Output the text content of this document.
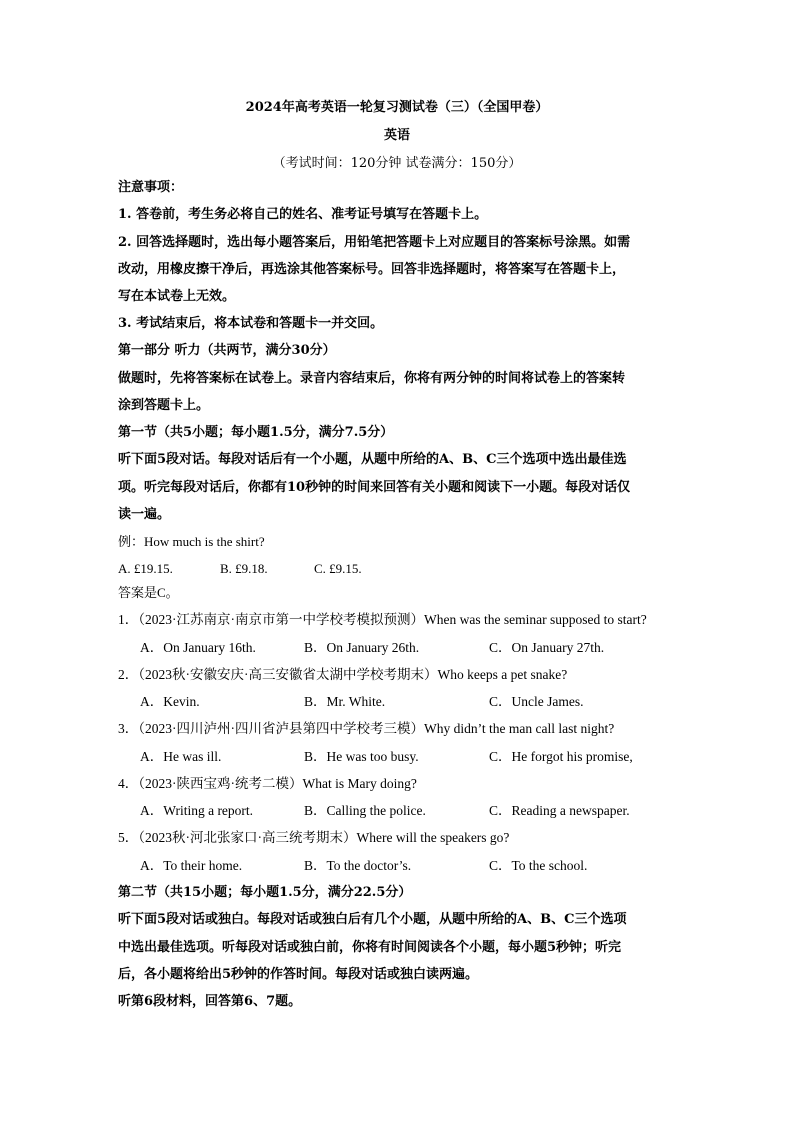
2024年高考英语一轮复习测试卷（三）（全国甲卷）
英语
（考试时间：120分钟 试卷满分：150分）
注意事项：
1. 答卷前，考生务必将自己的姓名、准考证号填写在答题卡上。
2. 回答选择题时，选出每小题答案后，用铅笔把答题卡上对应题目的答案标号涂黑。如需
改动，用橡皮擦干净后，再选涂其他答案标号。回答非选择题时，将答案写在答题卡上，
写在本试卷上无效。
3. 考试结束后，将本试卷和答题卡一并交回。
第一部分 听力（共两节，满分30分）
做题时，先将答案标在试卷上。录音内容结束后，你将有两分钟的时间将试卷上的答案转
涂到答题卡上。
第一节（共5小题；每小题1.5分，满分7.5分）
听下面5段对话。每段对话后有一个小题，从题中所给的A、B、C三个选项中选出最佳选
项。听完每段对话后，你都有10秒钟的时间来回答有关小题和阅读下一小题。每段对话仅
读一遍。
例：How much is the shirt?
A. £19.15.	B. £9.18.	C. £9.15.
答案是C。
1．（2023·江苏南京·南京市第一中学校考模拟预测）When was the seminar supposed to start?
A．On January 16th.	B．On January 26th.	C．On January 27th.
2．（2023秋·安徽安庆·高三安徽省太湖中学校考期末）Who keeps a pet snake?
A．Kevin.	B．Mr. White.	C．Uncle James.
3．（2023·四川泸州·四川省泸县第四中学校考三模）Why didn’t the man call last night?
A．He was ill.	B．He was too busy.	C．He forgot his promise,
4．（2023·陕西宝鸡·统考二模）What is Mary doing?
A．Writing a report.	B．Calling the police.	C．Reading a newspaper.
5．（2023秋·河北张家口·高三统考期末）Where will the speakers go?
A．To their home.	B．To the doctor’s.	C．To the school.
第二节（共15小题；每小题1.5分，满分22.5分）
听下面5段对话或独白。每段对话或独白后有几个小题，从题中所给的A、B、C三个选项
中选出最佳选项。听每段对话或独白前，你将有时间阅读各个小题，每小题5秒钟；听完
后，各小题将给出5秒钟的作答时间。每段对话或独白读两遍。
听第6段材料，回答第6、7题。
